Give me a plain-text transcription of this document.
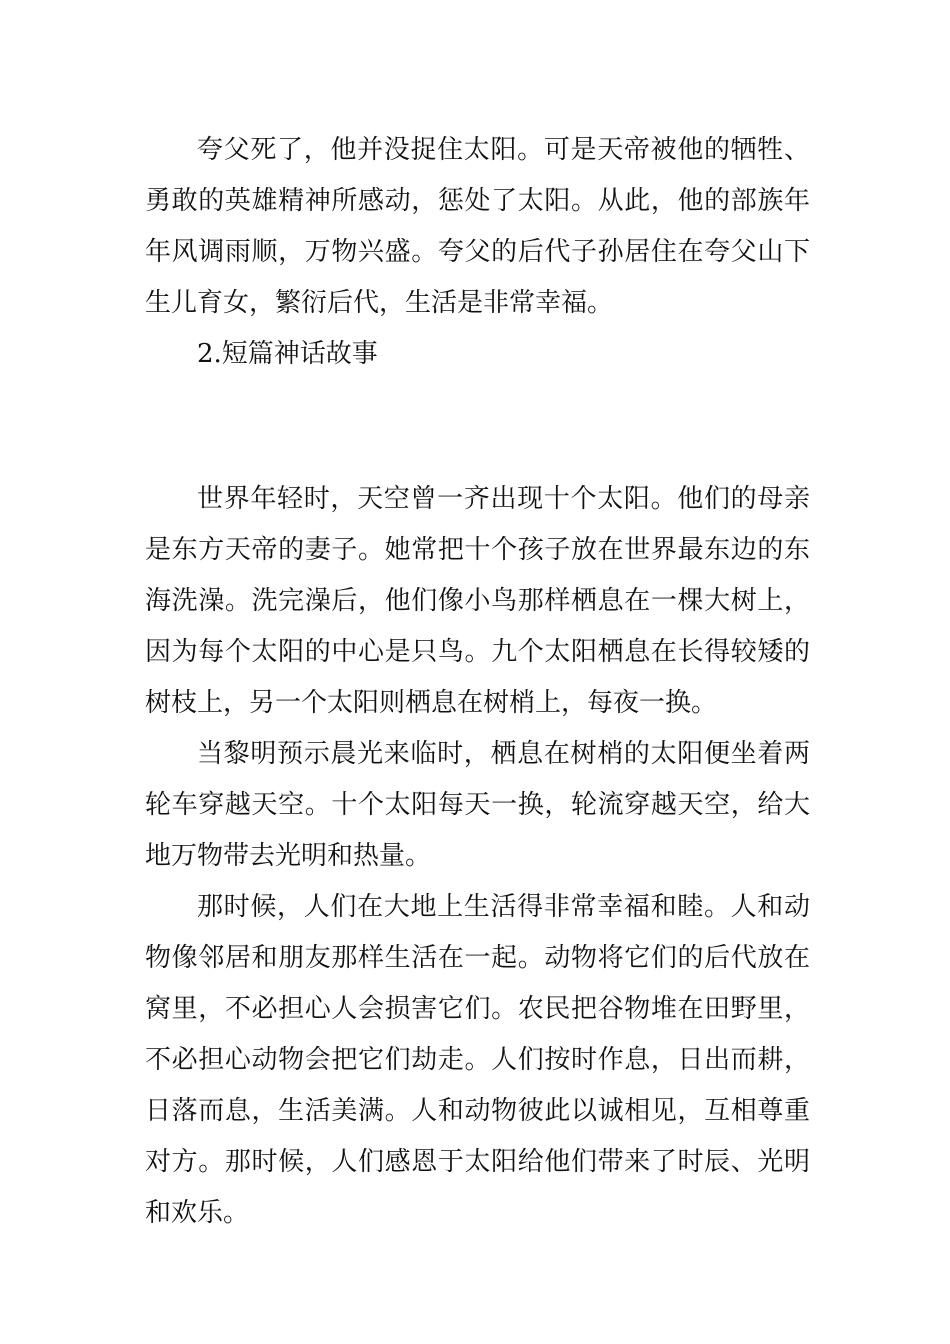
夸父死了，他并没捉住太阳。可是天帝被他的牺牲、勇敢的英雄精神所感动，惩处了太阳。从此，他的部族年年风调雨顺，万物兴盛。夸父的后代子孙居住在夸父山下生儿育女，繁衍后代，生活是非常幸福。

2.短篇神话故事

世界年轻时，天空曾一齐出现十个太阳。他们的母亲是东方天帝的妻子。她常把十个孩子放在世界最东边的东海洗澡。洗完澡后，他们像小鸟那样栖息在一棵大树上，因为每个太阳的中心是只鸟。九个太阳栖息在长得较矮的树枝上，另一个太阳则栖息在树梢上，每夜一换。

当黎明预示晨光来临时，栖息在树梢的太阳便坐着两轮车穿越天空。十个太阳每天一换，轮流穿越天空，给大地万物带去光明和热量。

那时候，人们在大地上生活得非常幸福和睦。人和动物像邻居和朋友那样生活在一起。动物将它们的后代放在窝里，不必担心人会损害它们。农民把谷物堆在田野里，不必担心动物会把它们劫走。人们按时作息，日出而耕，日落而息，生活美满。人和动物彼此以诚相见，互相尊重对方。那时候，人们感恩于太阳给他们带来了时辰、光明和欢乐。
